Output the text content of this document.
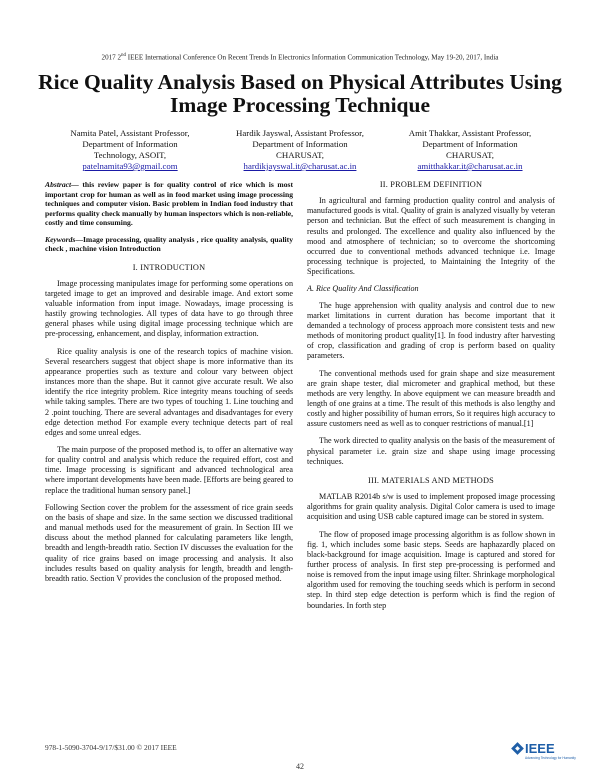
2017 2nd IEEE International Conference On Recent Trends In Electronics Information Communication Technology, May 19-20, 2017, India
Rice Quality Analysis Based on Physical Attributes Using Image Processing Technique
Namita Patel, Assistant Professor,
Department of Information
Technology, ASOIT,
patelnamita93@gmail.com
Hardik Jayswal, Assistant Professor,
Department of Information
CHARUSAT,
hardikjayswal.it@charusat.ac.in
Amit Thakkar, Assistant Professor,
Department of Information
CHARUSAT,
amitthakkar.it@charusat.ac.in

Abstract— this review paper is for quality control of rice which is most important crop for human as well as in food market using image processing techniques and computer vision. Basic problem in Indian food industry that performs quality check manually by human inspectors which is non-reliable, costly and time consuming.

Keywords—Image processing, quality analysis , rice quality analysis, quality check , machine vision Introduction

I. INTRODUCTION

Image processing manipulates image for performing some operations on targeted image to get an improved and desirable image. And extort some valuable information from input image. Nowadays, image processing is hastily growing technologies. All types of data have to go through three general phases while using digital image processing technique which are pre-processing, enhancement, and display, information extraction.

Rice quality analysis is one of the research topics of machine vision. Several researchers suggest that object shape is more informative than its appearance properties such as texture and colour vary between object instances more than the shape. But it cannot give accurate result. We also identify the rice integrity problem. Rice integrity means touching of seeds while taking samples. There are two types of touching 1. Line touching and 2 .point touching. There are several advantages and disadvantages for every edge detection method For example every technique detects part of real edges and some unreal edges.

The main purpose of the proposed method is, to offer an alternative way for quality control and analysis which reduce the required effort, cost and time. Image processing is significant and advanced technological area where important developments have been made. [Efforts are being geared to replace the traditional human sensory panel.]

Following Section cover the problem for the assessment of rice grain seeds on the basis of shape and size. In the same section we discussed traditional and manual methods used for the measurement of grain. In Section III we discuss about the method planned for calculating parameters like length, breadth and length-breadth ratio. Section IV discusses the evaluation for the quality of rice grains based on image processing and analysis. It also includes results based on quality analysis for length, breadth and length-breadth ratio. Section V provides the conclusion of the proposed method.

II. PROBLEM DEFINITION

In agricultural and farming production quality control and analysis of manufactured goods is vital. Quality of grain is analyzed visually by veteran person and technician. But the effect of such measurement is changing in results and prolonged. The excellence and quality also influenced by the mood and atmosphere of technician; so to overcome the shortcoming occurred due to conventional methods advanced technique i.e. Image processing technique is projected, to Maintaining the Integrity of the Specifications.

A. Rice Quality And Classification

The huge apprehension with quality analysis and control due to new market limitations in current duration has become important that it demanded a technology of process approach more consistent tests and new methods of monitoring product quality[1]. In food industry after harvesting of crop, classification and grading of crop is perform based on quality parameters.

The conventional methods used for grain shape and size measurement are grain shape tester, dial micrometer and graphical method, but these methods are very lengthy. In above equipment we can measure breadth and length of one grains at a time. The result of this methods is also lengthy and costly and higher possibility of human errors, So it requires high accuracy to assure customers need as well as to conquer restrictions of manual.[1]

The work directed to quality analysis on the basis of the measurement of physical parameter i.e. grain size and shape using image processing techniques.

III. MATERIALS AND METHODS

MATLAB R2014b s/w is used to implement proposed image processing algorithms for grain quality analysis. Digital Color camera is used to image acquisition and using USB cable captured image can be stored in system.

The flow of proposed image processing algorithm is as follow shown in fig. 1, which includes some basic steps. Seeds are haphazardly placed on black-background for image acquisition. Image is captured and stored for further process of analysis. In first step pre-processing is performed and noise is removed from the input image using filter. Shrinkage morphological algorithm used for removing the touching seeds which is perform in second step. In third step edge detection is perform which is find the region of boundaries. In forth step

978-1-5090-3704-9/17/$31.00 © 2017 IEEE	IEEE
Advancing Technology for Humanity
42
